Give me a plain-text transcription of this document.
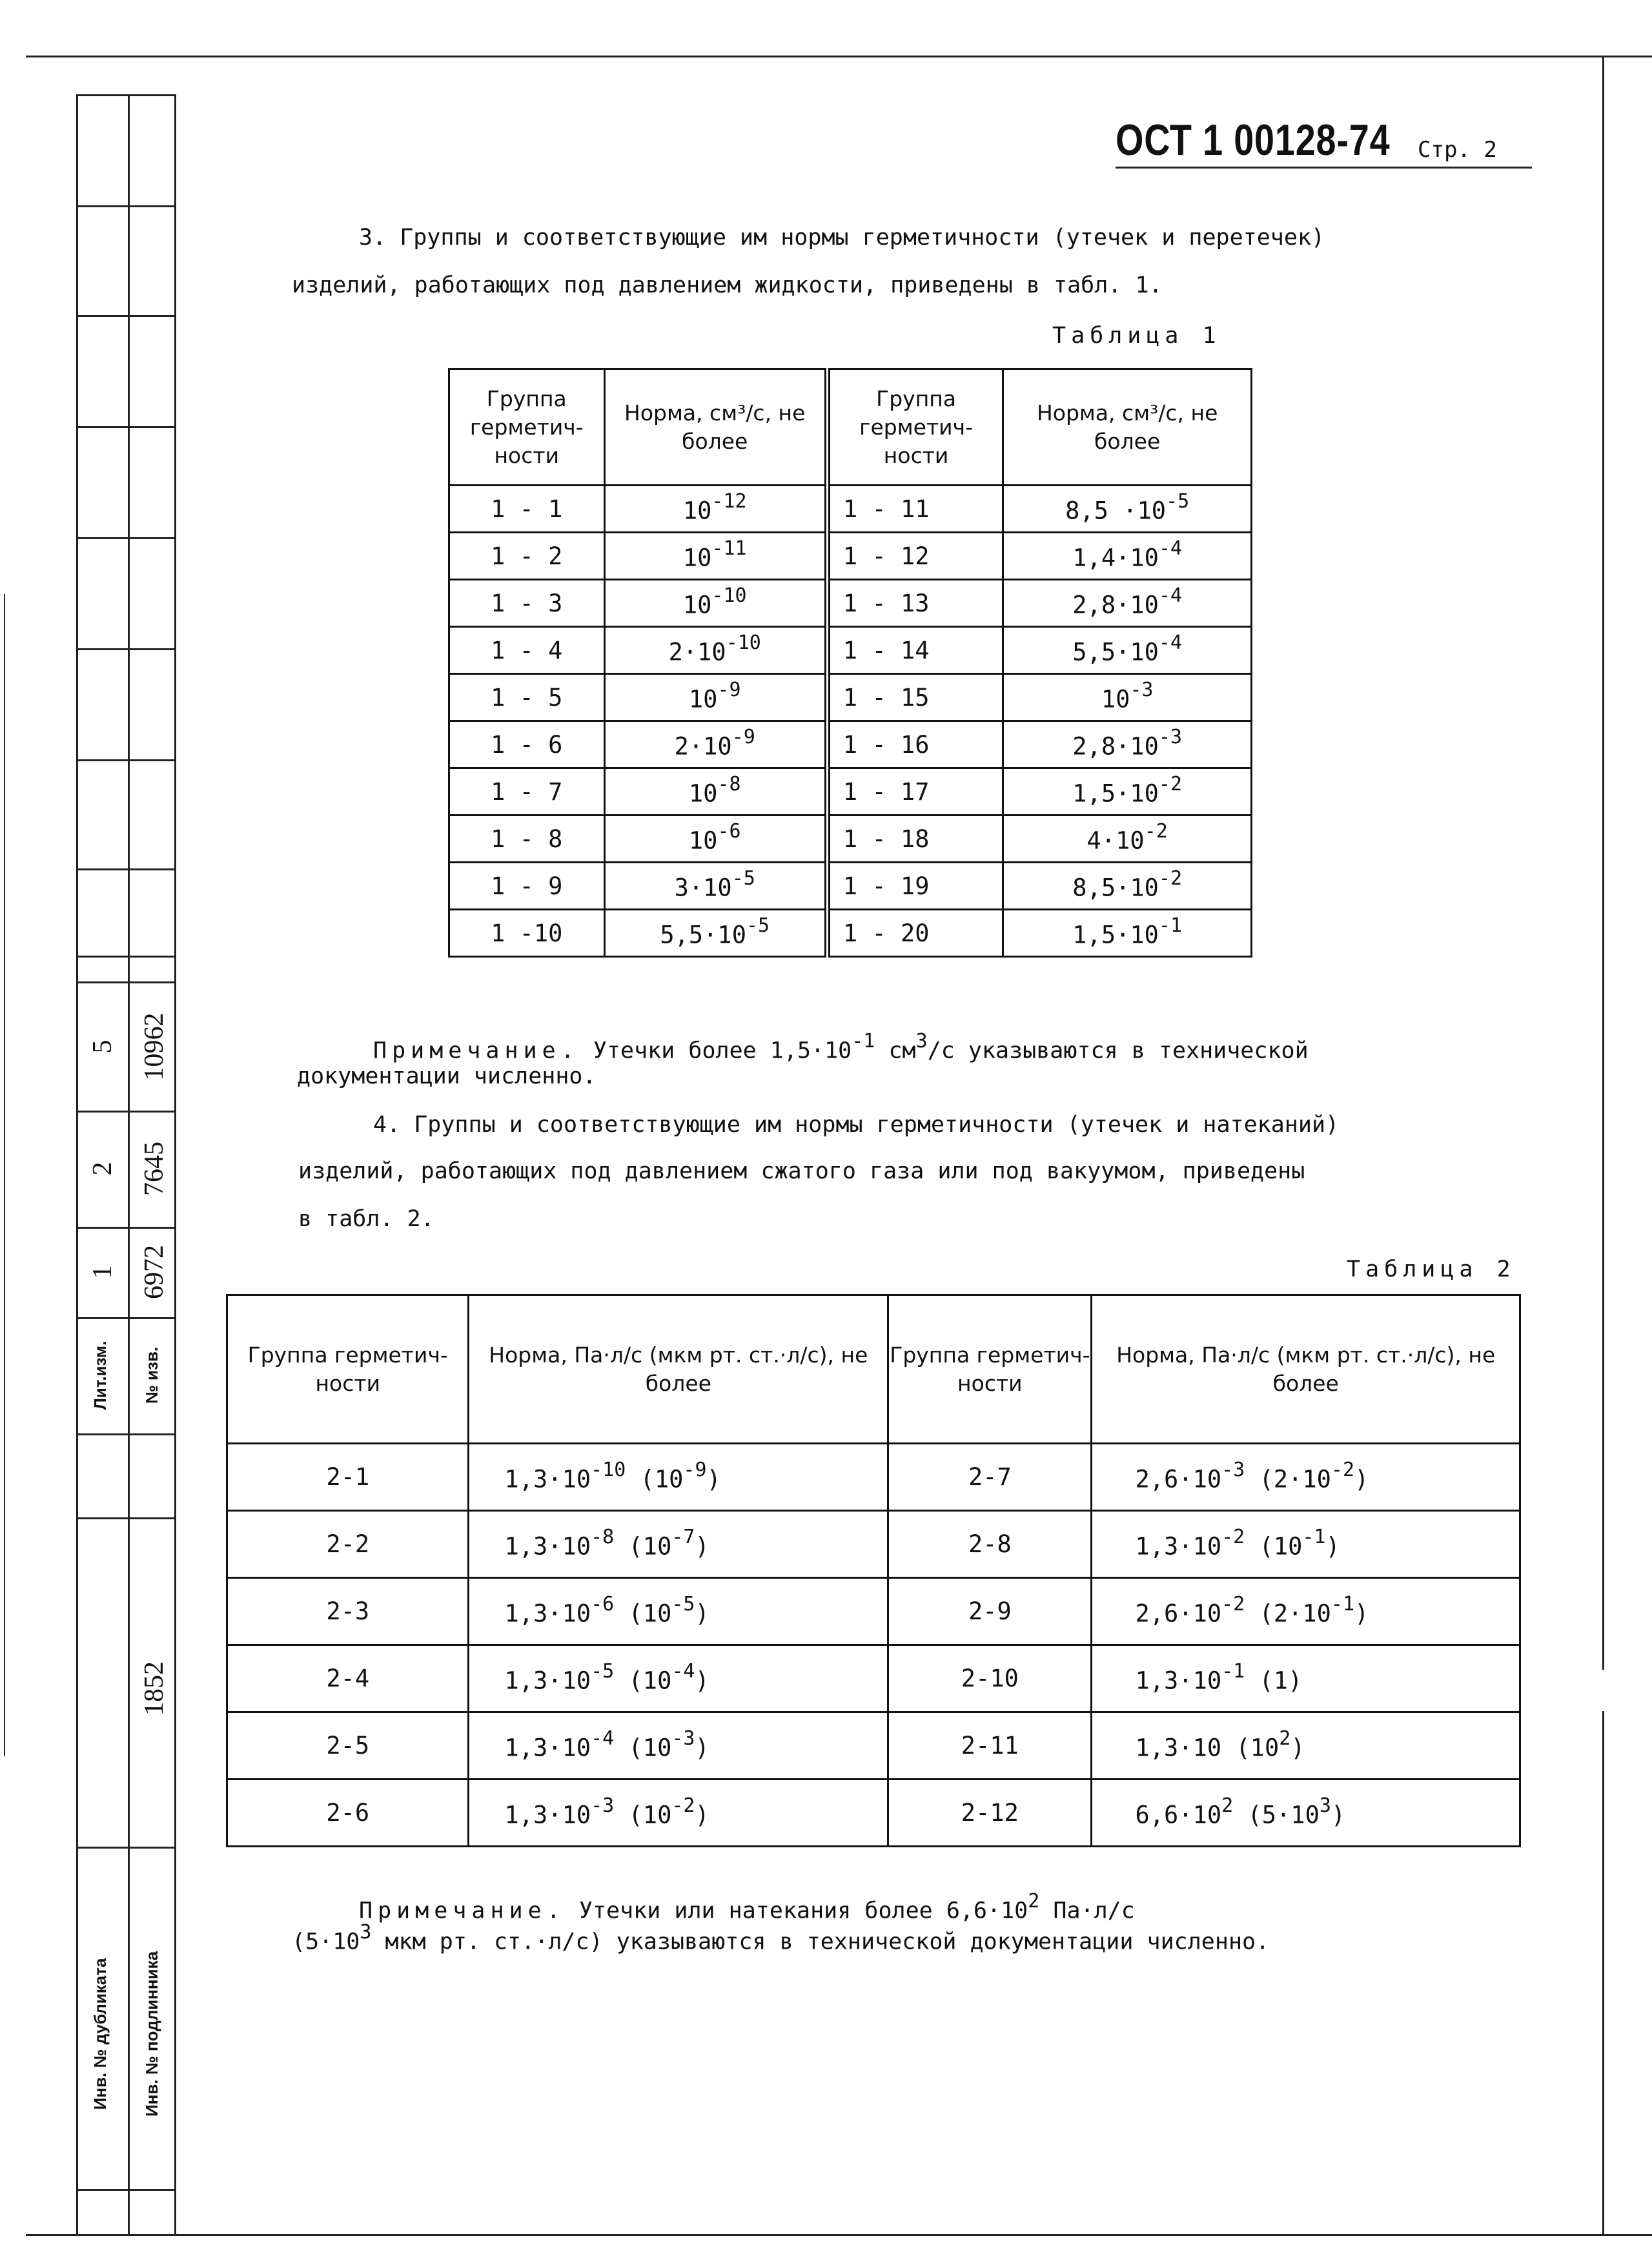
5 10962
2 7645
1 6972
Лит.изм.	№ изв.
1852
Инв. № дубликата	Инв. № подлинника
ОСТ 1 00128-74 Стр. 2
3. Группы и соответствующие им нормы герметичности (утечек и перетечек)
изделий, работающих под давлением жидкости, приведены в табл. 1.
Таблица 1
Группа герметич- ности	Норма, см³/с, не более	Группа герметич- ности	Норма, см³/с, не более
1 - 1	$10^{-12}$	1 - 11	$8,5 \cdot 10^{-5}$
1 - 2	$10^{-11}$	1 - 12	$1,4\cdot 10^{-4}$
1 - 3	$10^{-10}$	1 - 13	$2,8\cdot 10^{-4}$
1 - 4	$2\cdot 10^{-10}$	1 - 14	$5,5\cdot 10^{-4}$
1 - 5	$10^{-9}$	1 - 15	$10^{-3}$
1 - 6	$2\cdot 10^{-9}$	1 - 16	$2,8\cdot 10^{-3}$
1 - 7	$10^{-8}$	1 - 17	$1,5\cdot 10^{-2}$
1 - 8	$10^{-6}$	1 - 18	$4\cdot 10^{-2}$
1 - 9	$3\cdot 10^{-5}$	1 - 19	$8,5\cdot 10^{-2}$
1 -10	$5,5\cdot 10^{-5}$	1 - 20	$1,5\cdot 10^{-1}$
Примечание. Утечки более $1,5\cdot 10^{-1}$ $см^3/с$ указываются в технической
документации численно.
4. Группы и соответствующие им нормы герметичности (утечек и натеканий)
изделий, работающих под давлением сжатого газа или под вакуумом, приведены
в табл. 2.
Таблица 2
Группа герметич- ности	Норма, Па·л/с (мкм рт. ст.·л/с), не более	Группа герметич- ности	Норма, Па·л/с (мкм рт. ст.·л/с), не более
2-1	$1,3\cdot 10^{-10}$ $(10^{-9})$	2-7	$2,6\cdot 10^{-3}$ $(2\cdot 10^{-2})$
2-2	$1,3\cdot 10^{-8}$ $(10^{-7})$	2-8	$1,3\cdot 10^{-2}$ $(10^{-1})$
2-3	$1,3\cdot 10^{-6}$ $(10^{-5})$	2-9	$2,6\cdot 10^{-2}$ $(2\cdot 10^{-1})$
2-4	$1,3\cdot 10^{-5}$ $(10^{-4})$	2-10	$1,3\cdot 10^{-1}$ (1)
2-5	$1,3\cdot 10^{-4}$ $(10^{-3})$	2-11	1,3·10 $(10^2)$
2-6	$1,3\cdot 10^{-3}$ $(10^{-2})$	2-12	$6,6\cdot 10^2$ $(5\cdot 10^3)$
Примечание. Утечки или натекания более $6,6\cdot 10^2$ Па·л/с
($5\cdot 10^3$ мкм рт. ст.·л/с) указываются в технической документации численно.
